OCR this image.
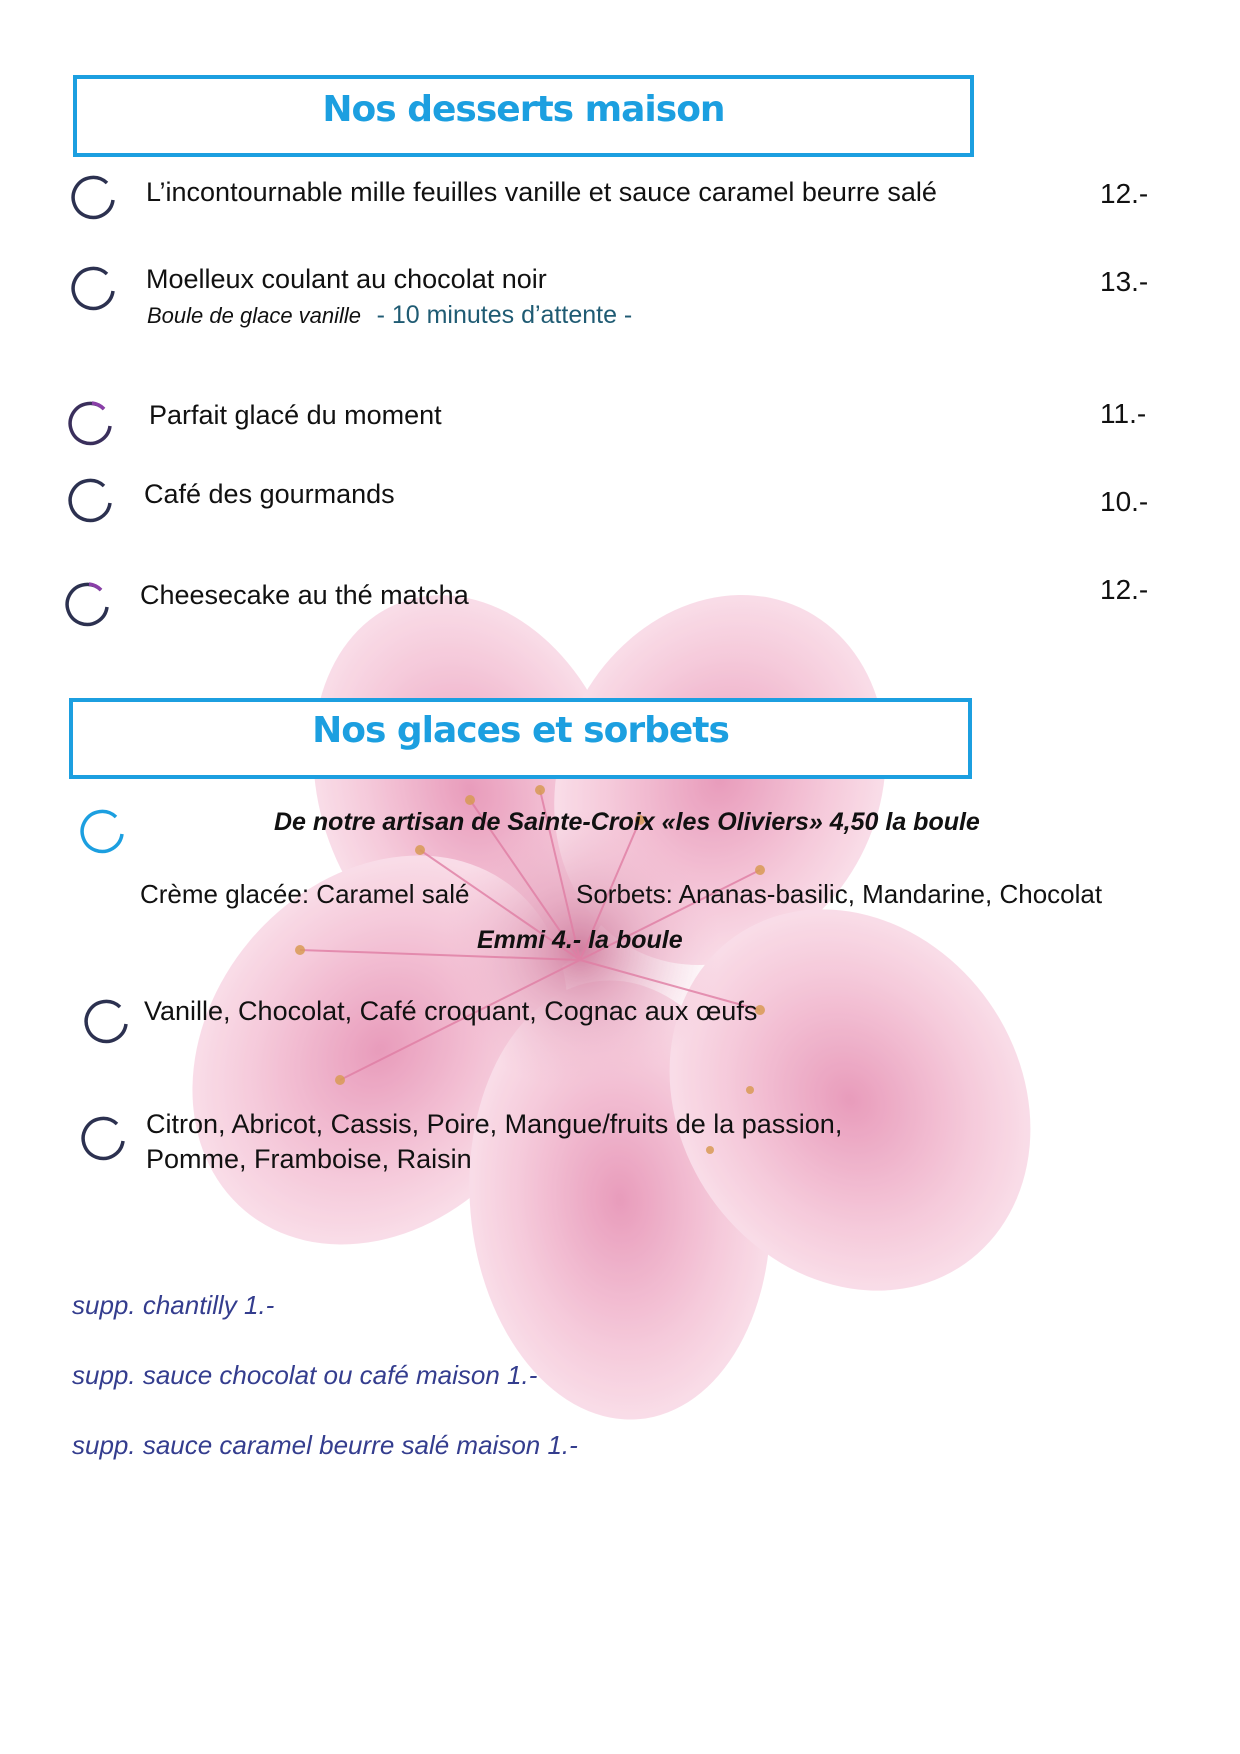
Nos desserts maison
L’incontournable mille feuilles vanille et sauce caramel beurre salé	12.-
Moelleux coulant au chocolat noir
Boule de glace vanille - 10 minutes d’attente -
13.-
Parfait glacé du moment	11.-
Café des gourmands	10.-
Cheesecake au thé matcha	12.-
Nos glaces et sorbets
De notre artisan de Sainte-Croix «les Oliviers» 4,50 la boule
Crème glacée: Caramel salé	Sorbets: Ananas-basilic, Mandarine, Chocolat
Emmi 4.- la boule
Vanille, Chocolat, Café croquant, Cognac aux œufs
Citron, Abricot, Cassis, Poire, Mangue/fruits de la passion,
Pomme, Framboise, Raisin
supp. chantilly 1.-
supp. sauce chocolat ou café maison 1.-
supp. sauce caramel beurre salé maison 1.-
